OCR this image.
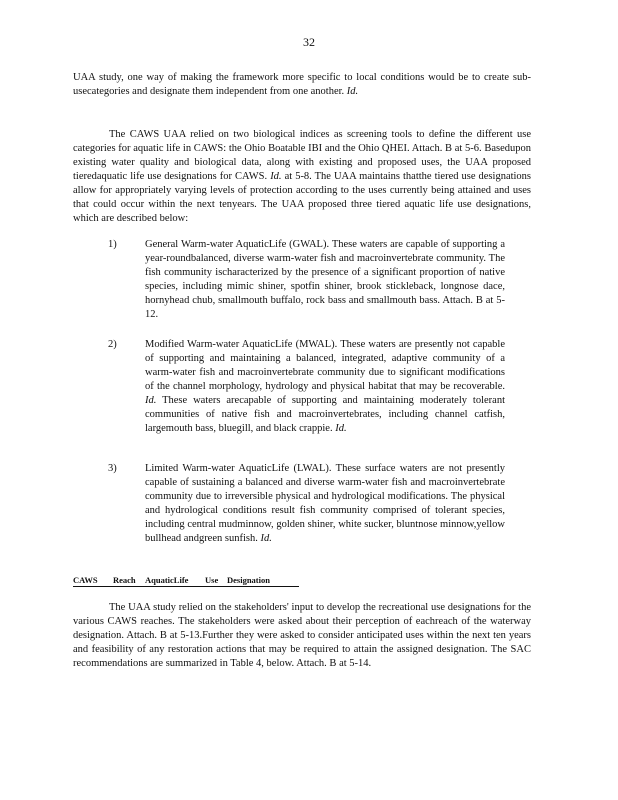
32

UAA study, one way of making the framework more specific to local conditions would be to create sub-usecategories and designate them independent from one another. Id.

The CAWS UAA relied on two biological indices as screening tools to define the different use categories for aquatic life in CAWS: the Ohio Boatable IBI and the Ohio QHEI. Attach. B at 5-6. Basedupon existing water quality and biological data, along with existing and proposed uses, the UAA proposed tieredaquatic life use designations for CAWS. Id. at 5-8. The UAA maintains thatthe tiered use designations allow for appropriately varying levels of protection according to the uses currently being attained and uses that could occur within the next tenyears. The UAA proposed three tiered aquatic life use designations, which are described below:

1)	General Warm-water AquaticLife (GWAL). These waters are capable of supporting a year-roundbalanced, diverse warm-water fish and macroinvertebrate community. The fish community ischaracterized by the presence of a significant proportion of native species, including mimic shiner, spotfin shiner, brook stickleback, longnose dace, hornyhead chub, smallmouth buffalo, rock bass and smallmouth bass. Attach. B at 5-12.
2)	Modified Warm-water AquaticLife (MWAL). These waters are presently not capable of supporting and maintaining a balanced, integrated, adaptive community of a warm-water fish and macroinvertebrate community due to significant modifications of the channel morphology, hydrology and physical habitat that may be recoverable. Id. These waters arecapable of supporting and maintaining moderately tolerant communities of native fish and macroinvertebrates, including channel catfish, largemouth bass, bluegill, and black crappie. Id.
3)	Limited Warm-water AquaticLife (LWAL). These surface waters are not presently capable of sustaining a balanced and diverse warm-water fish and macroinvertebrate community due to irreversible physical and hydrological modifications. The physical and hydrological conditions result fish community comprised of tolerant species, including central mudminnow, golden shiner, white sucker, bluntnose minnow,yellow bullhead andgreen sunfish. Id.
CAWS Reach AquaticLife Use Designation

The UAA study relied on the stakeholders' input to develop the recreational use designations for the various CAWS reaches. The stakeholders were asked about their perception of eachreach of the waterway designation. Attach. B at 5-13.Further they were asked to consider anticipated uses within the next ten years and feasibility of any restoration actions that may be required to attain the assigned designation. The SAC recommendations are summarized in Table 4, below. Attach. B at 5-14.
